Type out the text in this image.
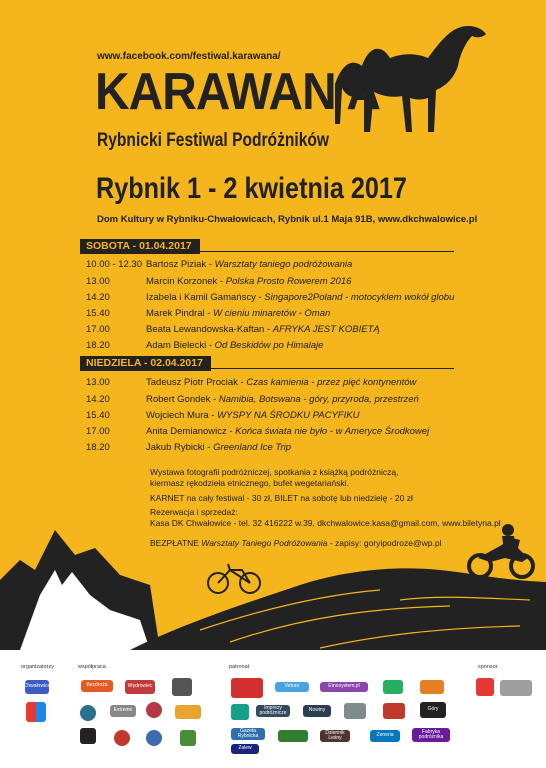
www.facebook.com/festiwal.karawana/
KARAWAN A
Rybnicki Festiwal Podróżników
Rybnik 1 - 2 kwietnia 2017
Dom Kultury w Rybniku-Chwałowicach, Rybnik ul.1 Maja 91B, www.dkchwalowice.pl
SOBOTA - 01.04.2017
10.00 - 12.30 Bartosz Piziak - Warsztaty taniego podróżowania
13.00	Marcin Korzonek - Polska Prosto Rowerem 2016
14.20	Izabela i Kamil Gamańscy - Singapore2Poland - motocyklem wokół globu
15.40	Marek Pindral - W cieniu minaretów - Oman
17.00	Beata Lewandowska-Kaftan - AFRYKA JEST KOBIETĄ
18.20	Adam Bielecki - Od Beskidów po Himalaje
NIEDZIELA - 02.04.2017
13.00	Tadeusz Piotr Prociak - Czas kamienia - przez pięć kontynentów
14.20	Robert Gondek - Namibia, Botswana - góry, przyroda, przestrzeń
15.40	Wojciech Mura - WYSPY NA ŚRODKU PACYFIKU
17.00	Anita Demianowicz - Końca świata nie było - w Ameryce Środkowej
18.20	Jakub Rybicki - Greenland Ice Trip
Wystawa fotografii podróżniczej, spotkania z książką podróżniczą,
kiermasz rękodzieła etnicznego, bufet wegetariański.
KARNET na cały festiwal - 30 zł, BILET na sobotę lub niedzielę - 20 zł
Rezerwacja i sprzedaż:
Kasa DK Chwałowice - tel. 32 416222 w.39, dkchwalowice.kasa@gmail.com, www.biletyna.pl
BEZPŁATNE Warsztaty Taniego Podróżowania - zapisy: goryipodroze@wp.pl
organizatorzy	współpraca	patronat	sponsor
Chwałowice	Bezdroża	Wędrowiec
Extreme
Veturo	Etnosystem.pl
Imprezy podróżnicze	Nowiny	Góry
Gazeta Rybnicka
Dziennik Leśny	Zeneria
Fabryka podróżnika
Zalew
